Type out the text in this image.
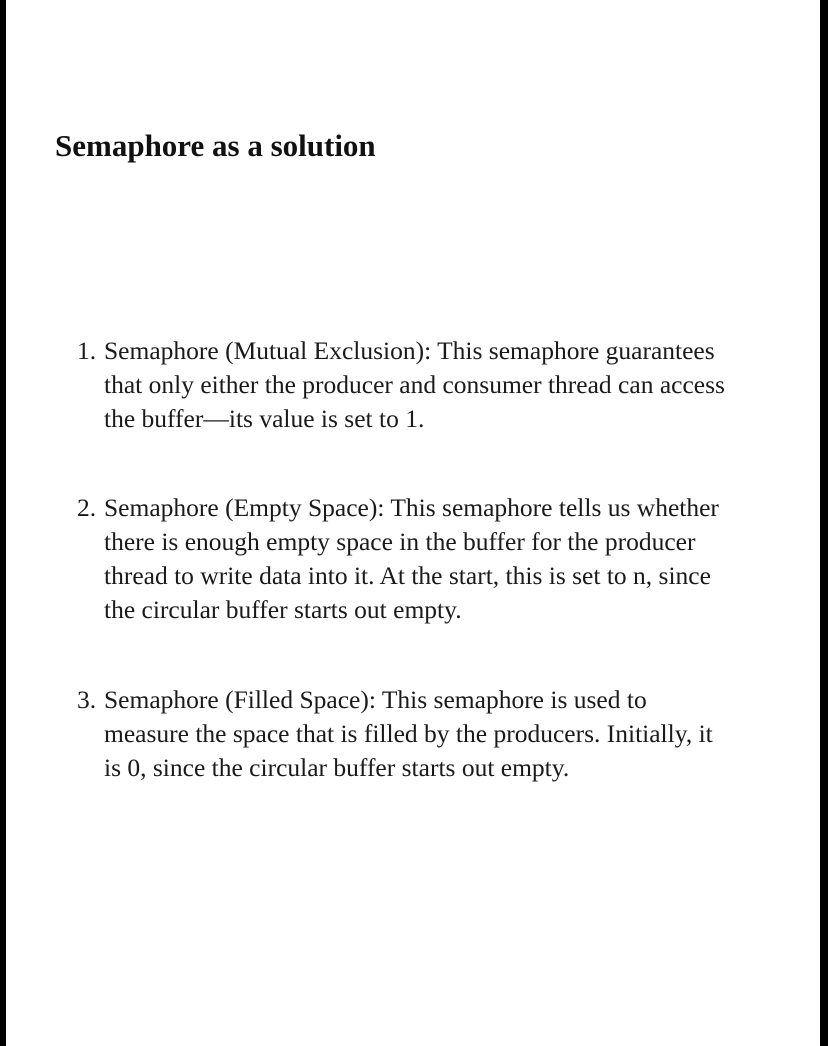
Semaphore as a solution
1. Semaphore (Mutual Exclusion): This semaphore guarantees
that only either the producer and consumer thread can access
the buffer—its value is set to 1.
2. Semaphore (Empty Space): This semaphore tells us whether
there is enough empty space in the buffer for the producer
thread to write data into it. At the start, this is set to n, since
the circular buffer starts out empty.
3. Semaphore (Filled Space): This semaphore is used to
measure the space that is filled by the producers. Initially, it
is 0, since the circular buffer starts out empty.
